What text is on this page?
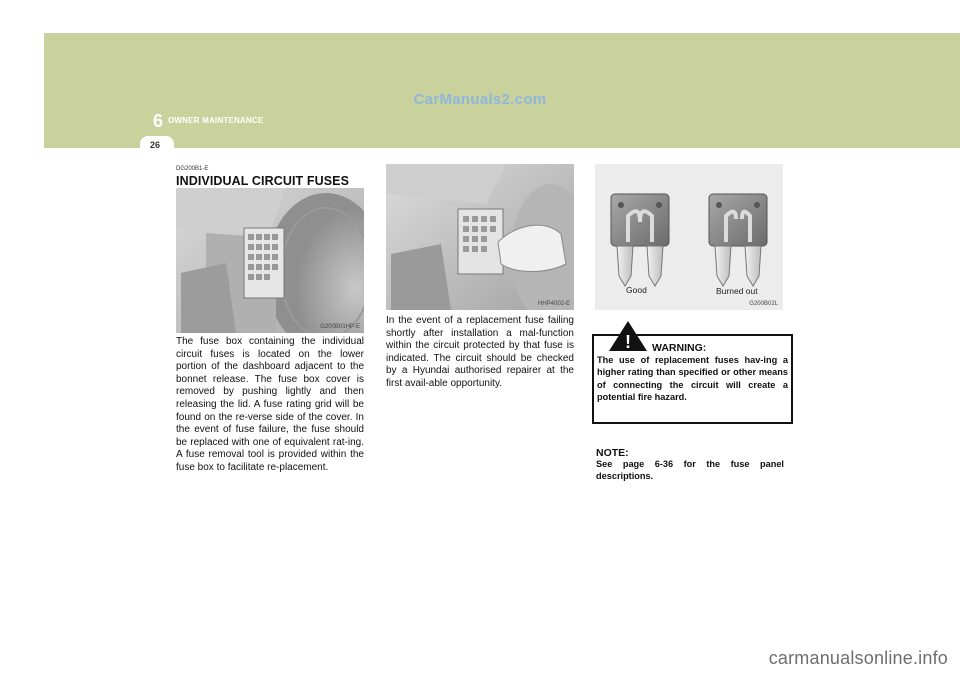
6 OWNER MAINTENANCE
26
CarManuals2.com
DG200B1-E
INDIVIDUAL CIRCUIT FUSES
G200B01HP-E
The fuse box containing the individual circuit fuses is located on the lower portion of the dashboard adjacent to the bonnet release. The fuse box cover is removed by pushing lightly and then releasing the lid. A fuse rating grid will be found on the re-verse side of the cover. In the event of fuse failure, the fuse should be replaced with one of equivalent rat-ing. A fuse removal tool is provided within the fuse box to facilitate re-placement.
HHP4002-E
In the event of a replacement fuse failing shortly after installation a mal-function within the circuit protected by that fuse is indicated. The circuit should be checked by a Hyundai authorised repairer at the first avail-able opportunity.
Good	Burned out
G200B02L
! WARNING:
The use of replacement fuses hav-ing a higher rating than specified or other means of connecting the circuit will create a potential fire hazard.
NOTE:
See page 6-36 for the fuse panel descriptions.
carmanualsonline.info
